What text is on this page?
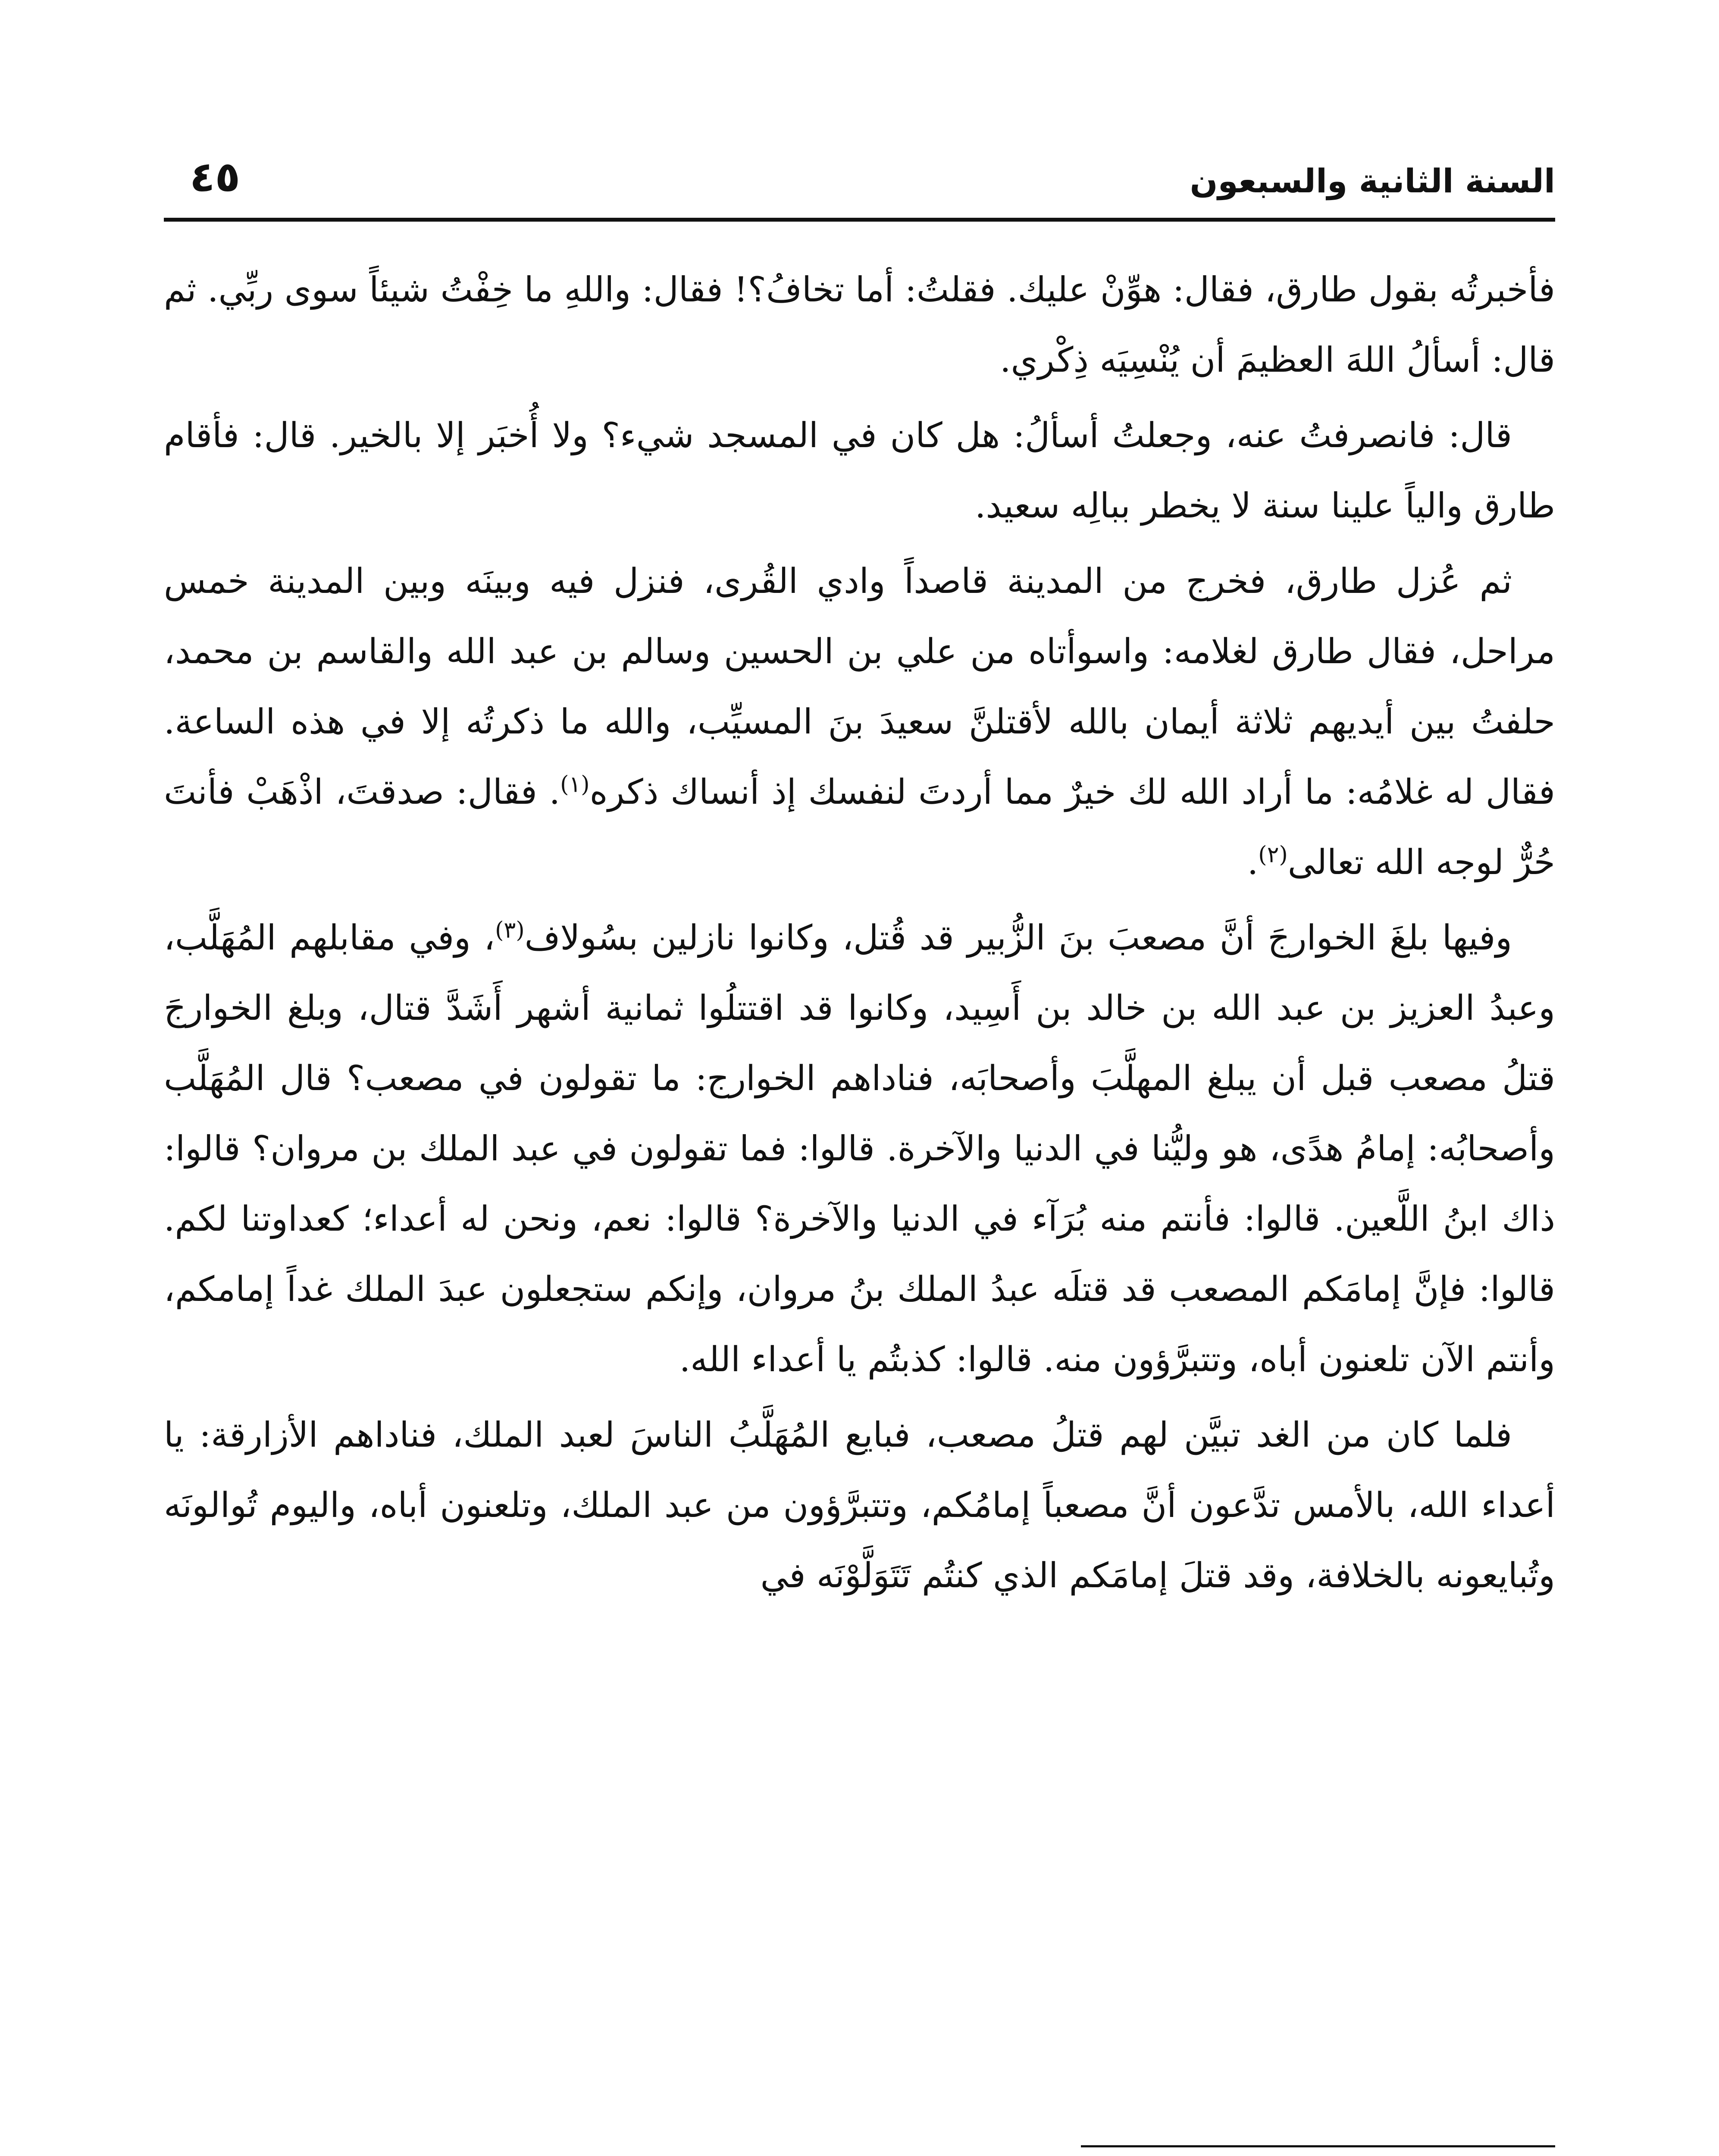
السنة الثانية والسبعون
٤٥

فأخبرتُه بقول طارق، فقال: هوِّنْ عليك. فقلتُ: أما تخافُ؟! فقال: واللهِ ما خِفْتُ شيئاً سوى ربِّي. ثم قال: أسألُ اللهَ العظيمَ أن يُنْسِيَه ذِكْري.

قال: فانصرفتُ عنه، وجعلتُ أسألُ: هل كان في المسجد شيء؟ ولا أُخبَر إلا بالخير. قال: فأقام طارق والياً علينا سنة لا يخطر ببالِه سعيد.

ثم عُزل طارق، فخرج من المدينة قاصداً وادي القُرى، فنزل فيه وبينَه وبين المدينة خمس مراحل، فقال طارق لغلامه: واسوأتاه من علي بن الحسين وسالم بن عبد الله والقاسم بن محمد، حلفتُ بين أيديهم ثلاثة أيمان بالله لأقتلنَّ سعيدَ بنَ المسيِّب، والله ما ذكرتُه إلا في هذه الساعة. فقال له غلامُه: ما أراد الله لك خيرٌ مما أردتَ لنفسك إذ أنساك ذكره$^{(١)}$. فقال: صدقتَ، اذْهَبْ فأنتَ حُرٌّ لوجه الله تعالى$^{(٢)}$.

وفيها بلغَ الخوارجَ أنَّ مصعبَ بنَ الزُّبير قد قُتل، وكانوا نازلين بسُولاف$^{(٣)}$، وفي مقابلهم المُهَلَّب، وعبدُ العزيز بن عبد الله بن خالد بن أَسِيد، وكانوا قد اقتتلُوا ثمانية أشهر أَشَدَّ قتال، وبلغ الخوارجَ قتلُ مصعب قبل أن يبلغ المهلَّبَ وأصحابَه، فناداهم الخوارج: ما تقولون في مصعب؟ قال المُهَلَّب وأصحابُه: إمامُ هدًى، هو وليُّنا في الدنيا والآخرة. قالوا: فما تقولون في عبد الملك بن مروان؟ قالوا: ذاك ابنُ اللَّعين. قالوا: فأنتم منه بُرَآء في الدنيا والآخرة؟ قالوا: نعم، ونحن له أعداء؛ كعداوتنا لكم. قالوا: فإنَّ إمامَكم المصعب قد قتلَه عبدُ الملك بنُ مروان، وإنكم ستجعلون عبدَ الملك غداً إمامكم، وأنتم الآن تلعنون أباه، وتتبرَّؤون منه. قالوا: كذبتُم يا أعداء الله.

فلما كان من الغد تبيَّن لهم قتلُ مصعب، فبايع المُهَلَّبُ الناسَ لعبد الملك، فناداهم الأزارقة: يا أعداء الله، بالأمس تدَّعون أنَّ مصعباً إمامُكم، وتتبرَّؤون من عبد الملك، وتلعنون أباه، واليوم تُوالونَه وتُبايعونه بالخلافة، وقد قتلَ إمامَكم الذي كنتُم تَتَوَلَّوْنَه في
